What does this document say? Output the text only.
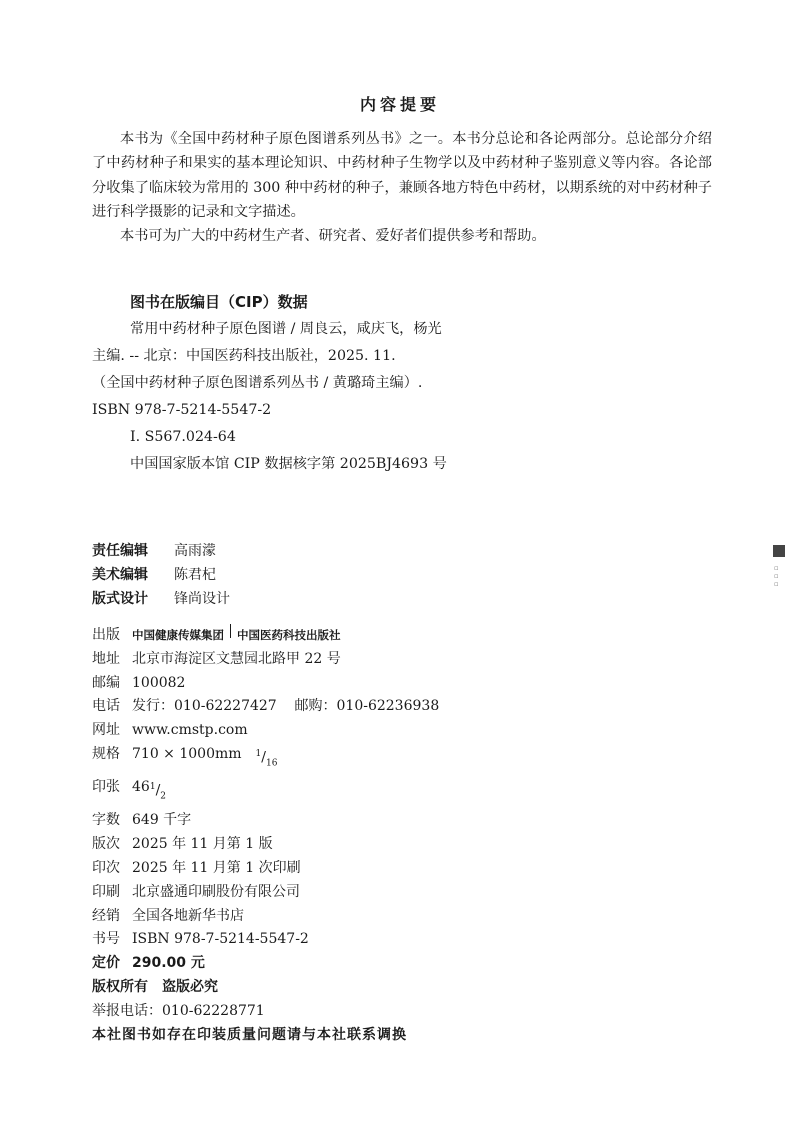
内容提要

本书为《全国中药材种子原色图谱系列丛书》之一。本书分总论和各论两部分。总论部分介绍了中药材种子和果实的基本理论知识、中药材种子生物学以及中药材种子鉴别意义等内容。各论部分收集了临床较为常用的 300 种中药材的种子，兼顾各地方特色中药材，以期系统的对中药材种子进行科学摄影的记录和文字描述。

本书可为广大的中药材生产者、研究者、爱好者们提供参考和帮助。

图书在版编目（CIP）数据
常用中药材种子原色图谱 / 周良云，咸庆飞，杨光
主编. -- 北京：中国医药科技出版社，2025. 11.
（全国中药材种子原色图谱系列丛书 / 黄璐琦主编）.
ISBN 978-7-5214-5547-2
Ⅰ. S567.024-64
中国国家版本馆 CIP 数据核字第 2025BJ4693 号
责任编辑	高雨濛
美术编辑	陈君杞
版式设计	锋尚设计
出版	中国健康传媒集团 中国医药科技出版社
地址 北京市海淀区文慧园北路甲 22 号
邮编 100082
电话 发行：010-62227427    邮购：010-62236938
网址 www.cmstp.com
规格 710 × 1000mm $^1/_{16}$
印张 46 $^1/_2$
字数 649 千字
版次 2025 年 11 月第 1 版
印次 2025 年 11 月第 1 次印刷
印刷 北京盛通印刷股份有限公司
经销 全国各地新华书店
书号 ISBN 978-7-5214-5547-2
定价 290.00 元
版权所有　盗版必究
举报电话：010-62228771
本社图书如存在印装质量问题请与本社联系调换
▫
▫
▫
